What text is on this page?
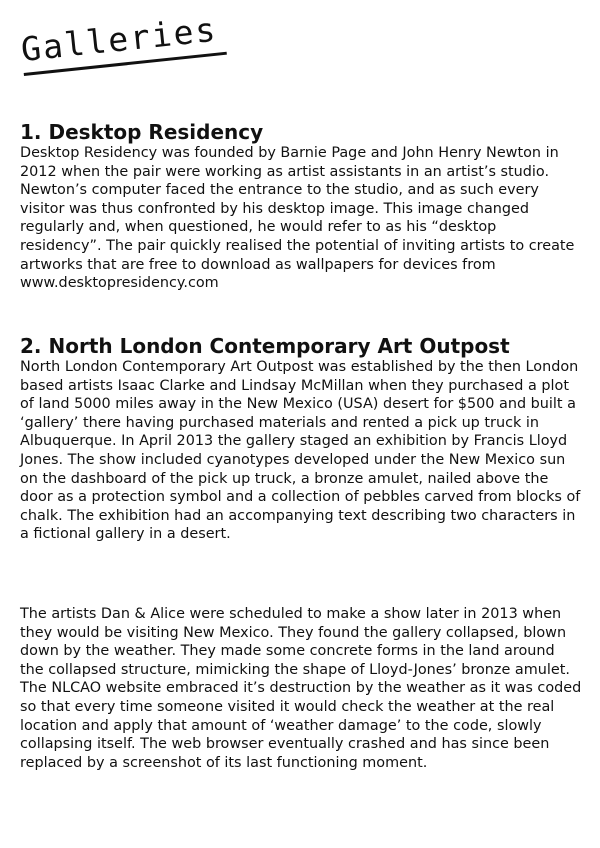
Galleries
1. Desktop Residency

Desktop Residency was founded by Barnie Page and John Henry Newton in 2012 when the pair were working as artist assistants in an artist’s studio. Newton’s computer faced the entrance to the studio, and as such every visitor was thus confronted by his desktop image. This image changed regularly and, when questioned, he would refer to as his “desktop residency”. The pair quickly realised the potential of inviting artists to create artworks that are free to download as wallpapers for devices from www.desktopresidency.com

2. North London Contemporary Art Outpost

North London Contemporary Art Outpost was established by the then London based artists Isaac Clarke and Lindsay McMillan when they purchased a plot of land 5000 miles away in the New Mexico (USA) desert for $500 and built a ‘gallery’ there having purchased materials and rented a pick up truck in Albuquerque. In April 2013 the gallery staged an exhibition by Francis Lloyd Jones. The show included cyanotypes developed under the New Mexico sun on the dashboard of the pick up truck, a bronze amulet, nailed above the door as a protection symbol and a collection of pebbles carved from blocks of chalk. The exhibition had an accompanying text describing two characters in a fictional gallery in a desert.

The artists Dan & Alice were scheduled to make a show later in 2013 when they would be visiting New Mexico. They found the gallery collapsed, blown down by the weather. They made some concrete forms in the land around the collapsed structure, mimicking the shape of Lloyd-Jones’ bronze amulet. The NLCAO website embraced it’s destruction by the weather as it was coded so that every time someone visited it would check the weather at the real location and apply that amount of ‘weather damage’ to the code, slowly collapsing itself. The web browser eventually crashed and has since been replaced by a screenshot of its last functioning moment.
